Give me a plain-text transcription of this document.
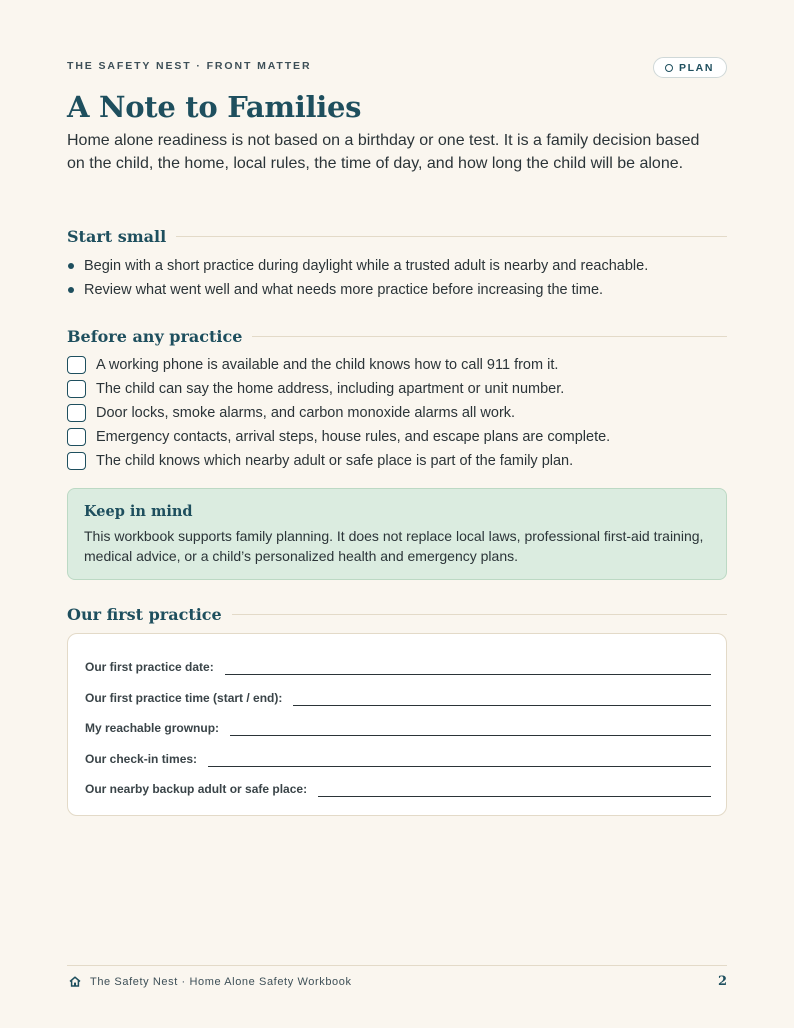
THE SAFETY NEST · FRONT MATTER	PLAN
A Note to Families

Home alone readiness is not based on a birthday or one test. It is a family decision based on the child, the home, local rules, the time of day, and how long the child will be alone.

Start small
Begin with a short practice during daylight while a trusted adult is nearby and reachable.
Review what went well and what needs more practice before increasing the time.
Before any practice
A working phone is available and the child knows how to call 911 from it.
The child can say the home address, including apartment or unit number.
Door locks, smoke alarms, and carbon monoxide alarms all work.
Emergency contacts, arrival steps, house rules, and escape plans are complete.
The child knows which nearby adult or safe place is part of the family plan.
Keep in mind

This workbook supports family planning. It does not replace local laws, professional first-aid training, medical advice, or a child’s personalized health and emergency plans.

Our first practice
Our first practice date:
Our first practice time (start / end):
My reachable grownup:
Our check-in times:
Our nearby backup adult or safe place:
The Safety Nest · Home Alone Safety Workbook	2
